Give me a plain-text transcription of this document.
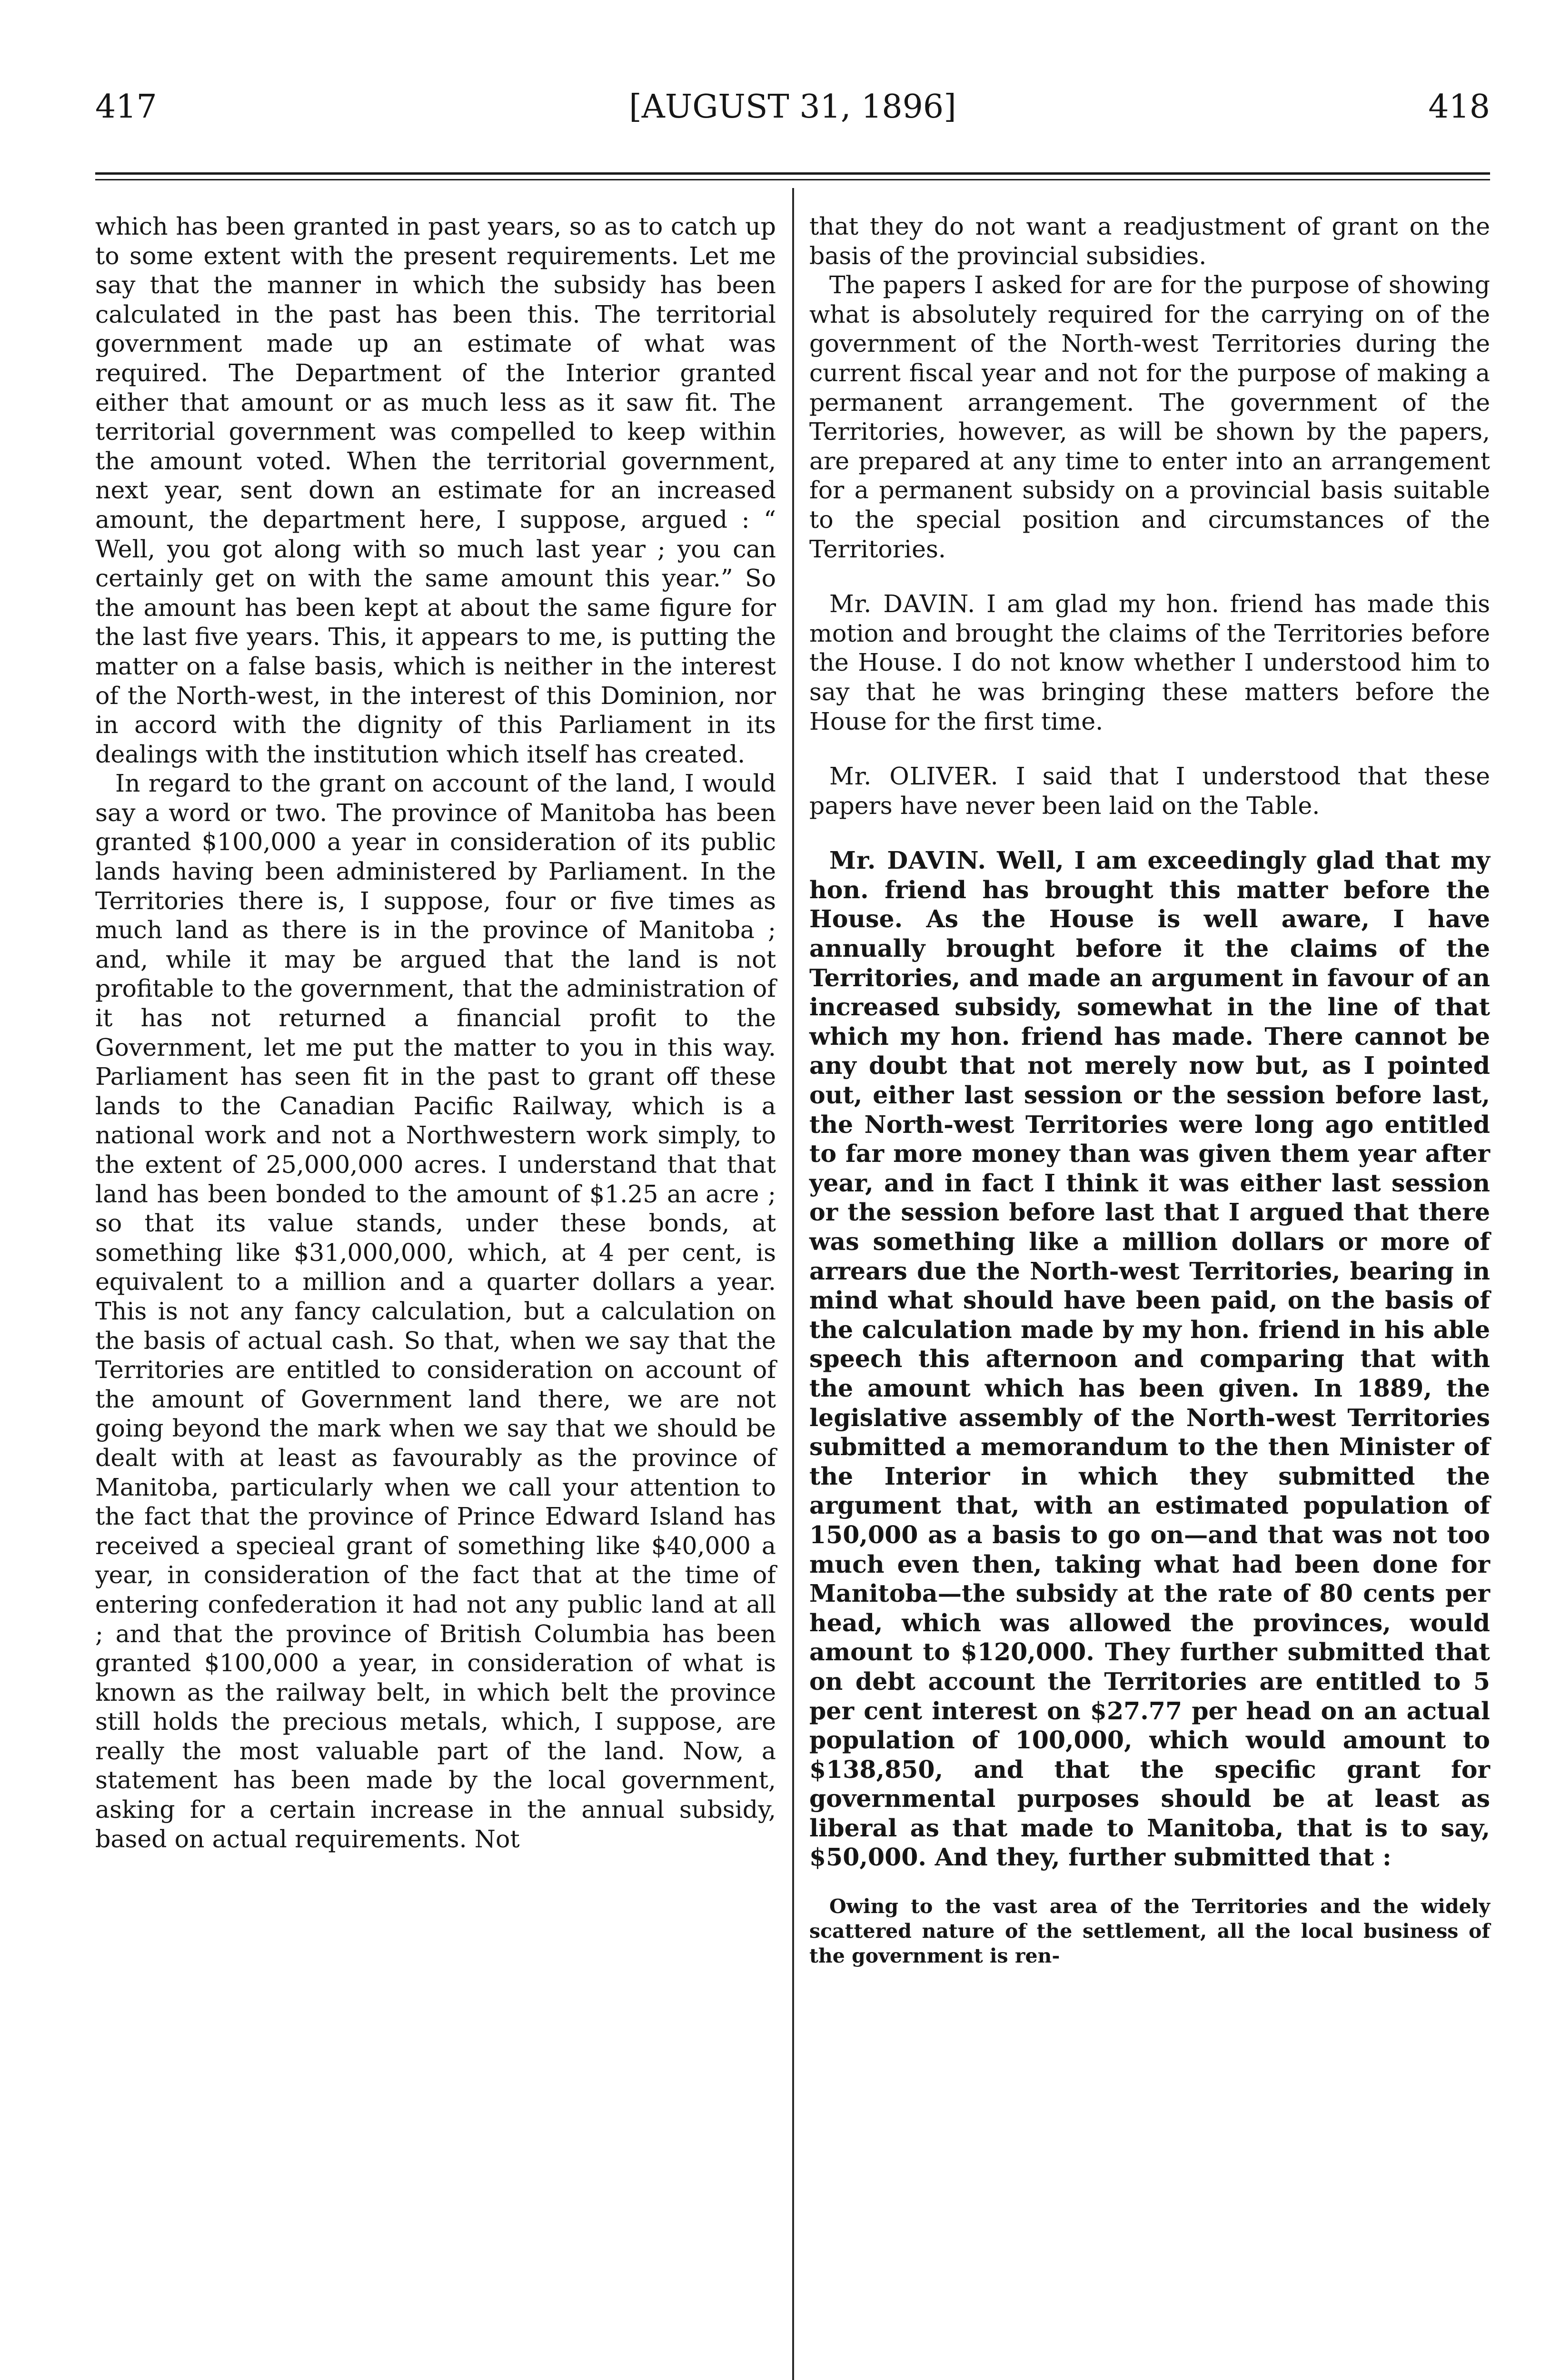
417	[AUGUST 31, 1896]	418

which has been granted in past years, so as to catch up to some extent with the present requirements. Let me say that the manner in which the subsidy has been calculated in the past has been this. The territorial government made up an estimate of what was required. The Department of the Interior granted either that amount or as much less as it saw fit. The territorial government was compelled to keep within the amount voted. When the territorial government, next year, sent down an estimate for an increased amount, the department here, I suppose, argued : “ Well, you got along with so much last year ; you can certainly get on with the same amount this year.” So the amount has been kept at about the same figure for the last five years. This, it appears to me, is putting the matter on a false basis, which is neither in the interest of the North-west, in the interest of this Dominion, nor in accord with the dignity of this Parliament in its dealings with the institution which itself has created.

In regard to the grant on account of the land, I would say a word or two. The province of Manitoba has been granted $100,000 a year in consideration of its public lands having been administered by Parliament. In the Territories there is, I suppose, four or five times as much land as there is in the province of Manitoba ; and, while it may be argued that the land is not profitable to the government, that the administration of it has not returned a financial profit to the Government, let me put the matter to you in this way. Parliament has seen fit in the past to grant off these lands to the Canadian Pacific Railway, which is a national work and not a Northwestern work simply, to the extent of 25,000,000 acres. I understand that that land has been bonded to the amount of $1.25 an acre ; so that its value stands, under these bonds, at something like $31,000,000, which, at 4 per cent, is equivalent to a million and a quarter dollars a year. This is not any fancy calculation, but a calculation on the basis of actual cash. So that, when we say that the Territories are entitled to consideration on account of the amount of Government land there, we are not going beyond the mark when we say that we should be dealt with at least as favourably as the province of Manitoba, particularly when we call your attention to the fact that the province of Prince Edward Island has received a specieal grant of something like $40,000 a year, in consideration of the fact that at the time of entering confederation it had not any public land at all ; and that the province of British Columbia has been granted $100,000 a year, in consideration of what is known as the railway belt, in which belt the province still holds the precious metals, which, I suppose, are really the most valuable part of the land. Now, a statement has been made by the local government, asking for a certain increase in the annual subsidy, based on actual requirements. Not

that they do not want a readjustment of grant on the basis of the provincial subsidies.

The papers I asked for are for the purpose of showing what is absolutely required for the carrying on of the government of the North-west Territories during the current fiscal year and not for the purpose of making a permanent arrangement. The government of the Territories, however, as will be shown by the papers, are prepared at any time to enter into an arrangement for a permanent subsidy on a provincial basis suitable to the special position and circumstances of the Territories.

Mr. DAVIN. I am glad my hon. friend has made this motion and brought the claims of the Territories before the House. I do not know whether I understood him to say that he was bringing these matters before the House for the first time.

Mr. OLIVER. I said that I understood that these papers have never been laid on the Table.

Mr. DAVIN. Well, I am exceedingly glad that my hon. friend has brought this matter before the House. As the House is well aware, I have annually brought before it the claims of the Territories, and made an argument in favour of an increased subsidy, somewhat in the line of that which my hon. friend has made. There cannot be any doubt that not merely now but, as I pointed out, either last session or the session before last, the North-west Territories were long ago entitled to far more money than was given them year after year, and in fact I think it was either last session or the session before last that I argued that there was something like a million dollars or more of arrears due the North-west Territories, bearing in mind what should have been paid, on the basis of the calculation made by my hon. friend in his able speech this afternoon and comparing that with the amount which has been given. In 1889, the legislative assembly of the North-west Territories submitted a memorandum to the then Minister of the Interior in which they submitted the argument that, with an estimated population of 150,000 as a basis to go on—and that was not too much even then, taking what had been done for Manitoba—the subsidy at the rate of 80 cents per head, which was allowed the provinces, would amount to $120,000. They further submitted that on debt account the Territories are entitled to 5 per cent interest on $27.77 per head on an actual population of 100,000, which would amount to $138,850, and that the specific grant for governmental purposes should be at least as liberal as that made to Manitoba, that is to say, $50,000. And they, further submitted that :

Owing to the vast area of the Territories and the widely scattered nature of the settlement, all the local business of the government is ren-
